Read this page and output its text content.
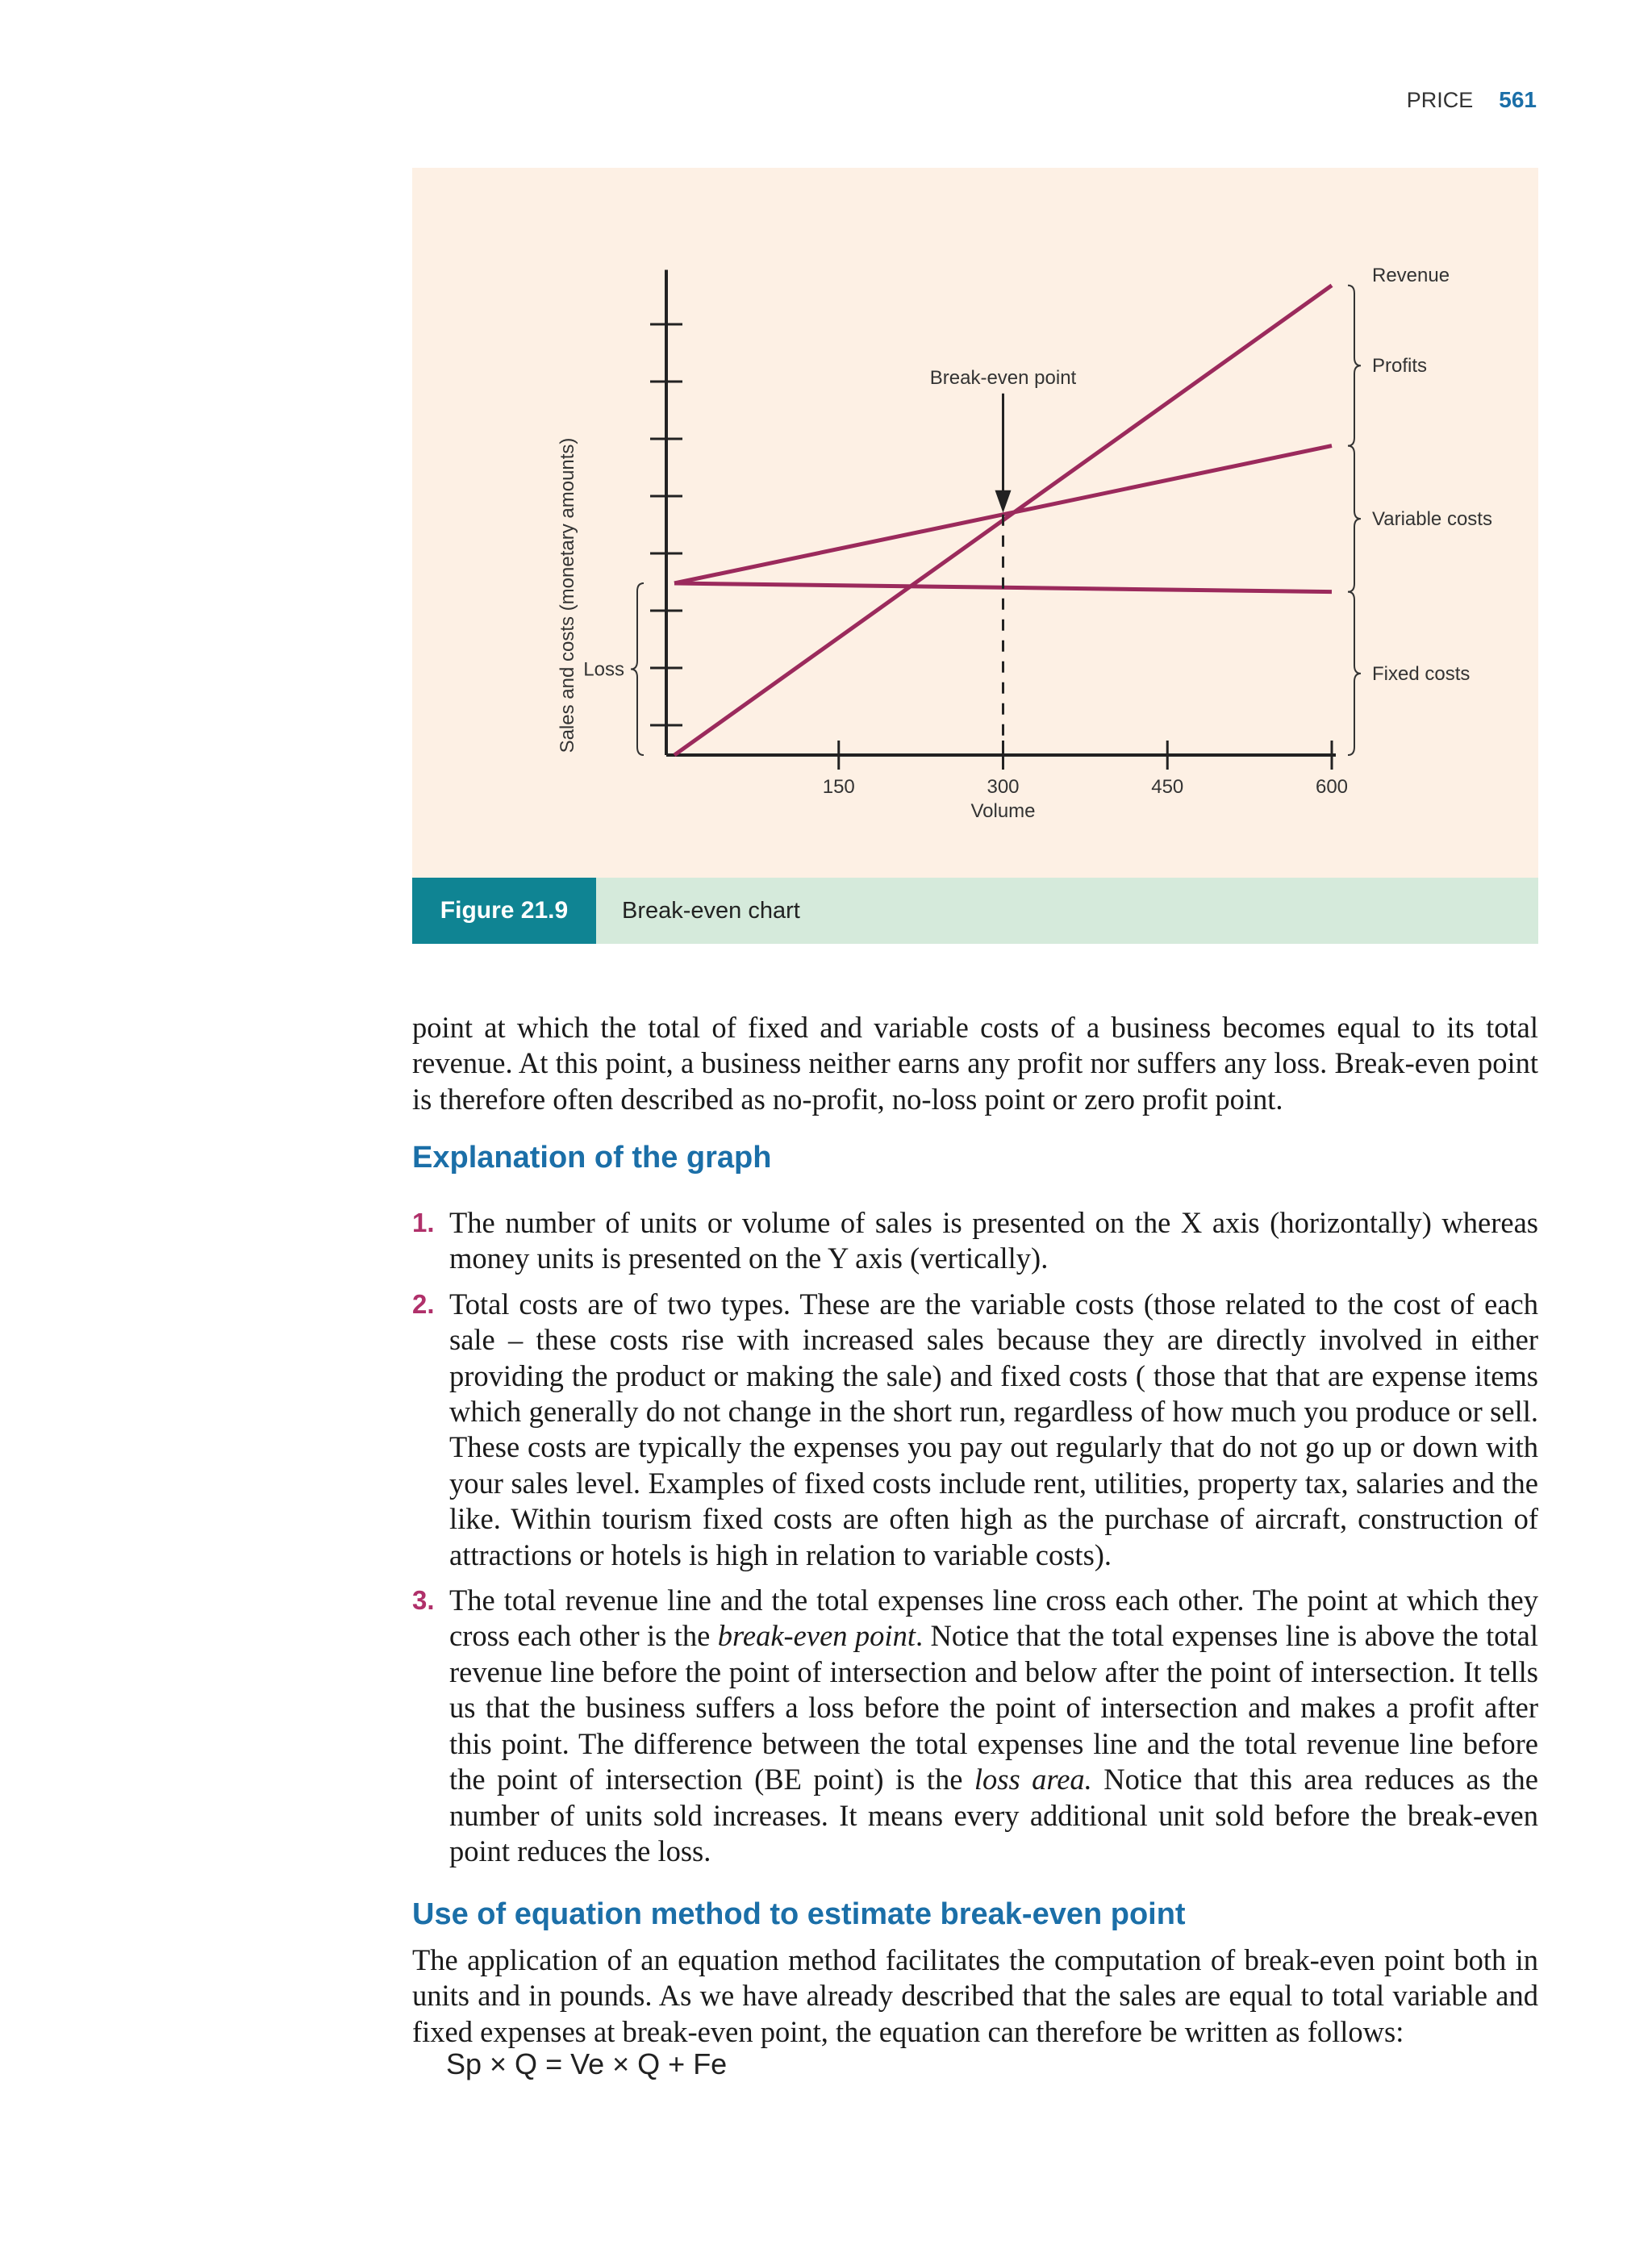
PRICE 561
150	300	450	600
Volume
Sales and costs (monetary amounts)
Break-even point
Revenue
Profits
Variable costs
Fixed costs
Loss
Figure 21.9	Break-even chart

point at which the total of fixed and variable costs of a business becomes equal to its total revenue. At this point, a business neither earns any profit nor suffers any loss. Break-even point is therefore often described as no-profit, no-loss point or zero profit point.

Explanation of the graph
1. The number of units or volume of sales is presented on the X axis (horizontally) whereas money units is presented on the Y axis (vertically).
2. Total costs are of two types. These are the variable costs (those related to the cost of each sale – these costs rise with increased sales because they are directly involved in either providing the product or making the sale) and fixed costs ( those that that are expense items which generally do not change in the short run, regardless of how much you produce or sell. These costs are typically the expenses you pay out regularly that do not go up or down with your sales level. Examples of fixed costs include rent, utilities, property tax, salaries and the like. Within tourism fixed costs are often high as the purchase of aircraft, construction of attractions or hotels is high in relation to variable costs).
3. The total revenue line and the total expenses line cross each other. The point at which they cross each other is the break-even point. Notice that the total expenses line is above the total revenue line before the point of intersection and below after the point of intersection. It tells us that the business suffers a loss before the point of intersection and makes a profit after this point. The difference between the total expenses line and the total revenue line before the point of intersection (BE point) is the loss area. Notice that this area reduces as the number of units sold increases. It means every additional unit sold before the break-even point reduces the loss.
Use of equation method to estimate break-even point

The application of an equation method facilitates the computation of break-even point both in units and in pounds. As we have already described that the sales are equal to total variable and fixed expenses at break-even point, the equation can therefore be written as follows:

Sp × Q = Ve × Q + Fe
